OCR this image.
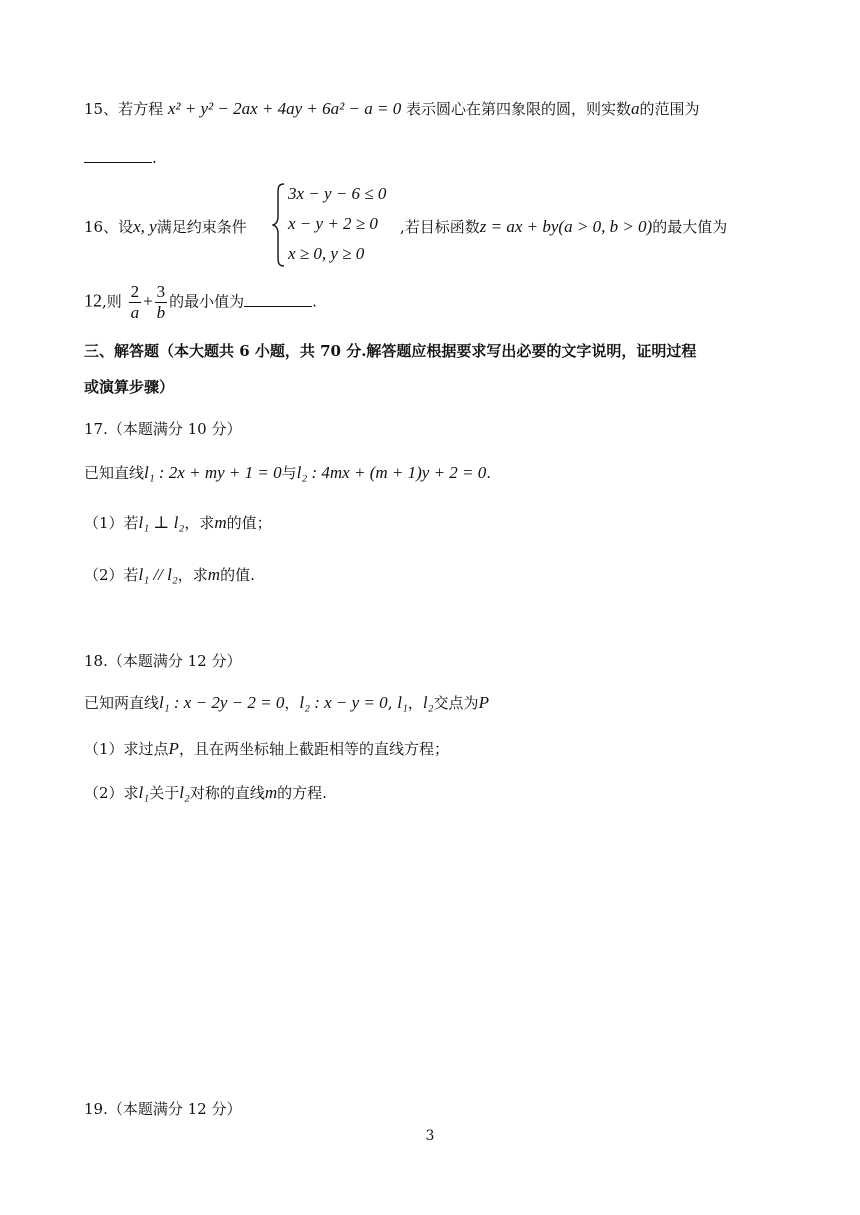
15、若方程 x² + y² − 2ax + 4ay + 6a² − a = 0 表示圆心在第四象限的圆，则实数a的范围为
.
16、设x, y满足约束条件
3x − y − 6 ≤ 0
x − y + 2 ≥ 0
x ≥ 0, y ≥ 0
,若目标函数z = ax + by(a > 0, b > 0)的最大值为
12,则 $\frac{2}{a} + \frac{3}{b}$ 的最小值为	.
三、解答题（本大题共 6 小题，共 70 分.解答题应根据要求写出必要的文字说明，证明过程
或演算步骤）
17.（本题满分 10 分）
已知直线l₁ : 2x + my + 1 = 0与l₂ : 4mx + (m + 1)y + 2 = 0.
（1）若l₁ ⊥ l₂，求m的值；
（2）若l₁ // l₂，求m的值.
18.（本题满分 12 分）
已知两直线l₁ : x − 2y − 2 = 0，l₂ : x − y = 0, l₁，l₂交点为P
（1）求过点P，且在两坐标轴上截距相等的直线方程；
（2）求l₁关于l₂对称的直线m的方程.
19.（本题满分 12 分）
3
